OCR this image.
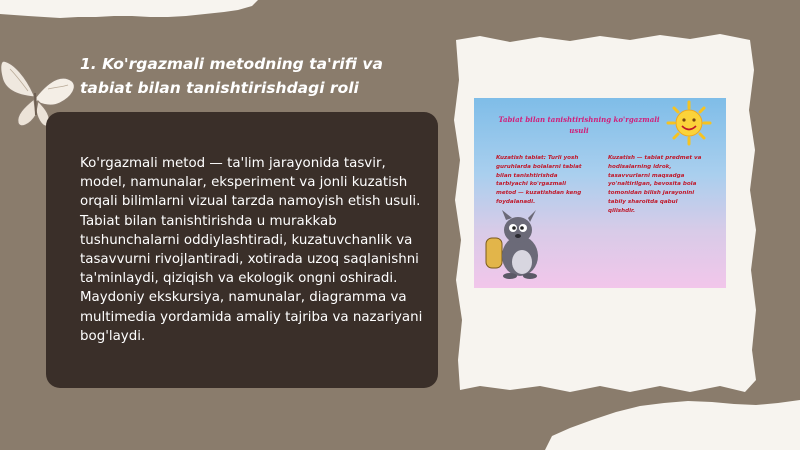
1. Ko'rgazmali metodning ta'rifi va tabiat bilan tanishtirishdagi roli

Ko'rgazmali metod — ta'lim jarayonida tasvir, model, namunalar, eksperiment va jonli kuzatish orqali bilimlarni vizual tarzda namoyish etish usuli. Tabiat bilan tanishtirishda u murakkab tushunchalarni oddiylashtiradi, kuzatuvchanlik va tasavvurni rivojlantiradi, xotirada uzoq saqlanishni ta'minlaydi, qiziqish va ekologik ongni oshiradi. Maydoniy ekskursiya, namunalar, diagramma va multimedia yordamida amaliy tajriba va nazariyani bog'laydi.

Tabiat bilan tanishtirishning ko'rgazmali usuli
Kuzatish tabiat: Turli yosh guruhlarda bolalarni tabiat bilan tanishtirishda tarbiyachi ko'rgazmali metod — kuzatishdan keng foydalanadi.
Kuzatish — tabiat predmet va hodisalarning idrok, tasavvurlarni maqsadga yo'naltirilgan, bevosita bola tomonidan bilish jarayonini tabiiy sharoitda qabul qilishdir.
